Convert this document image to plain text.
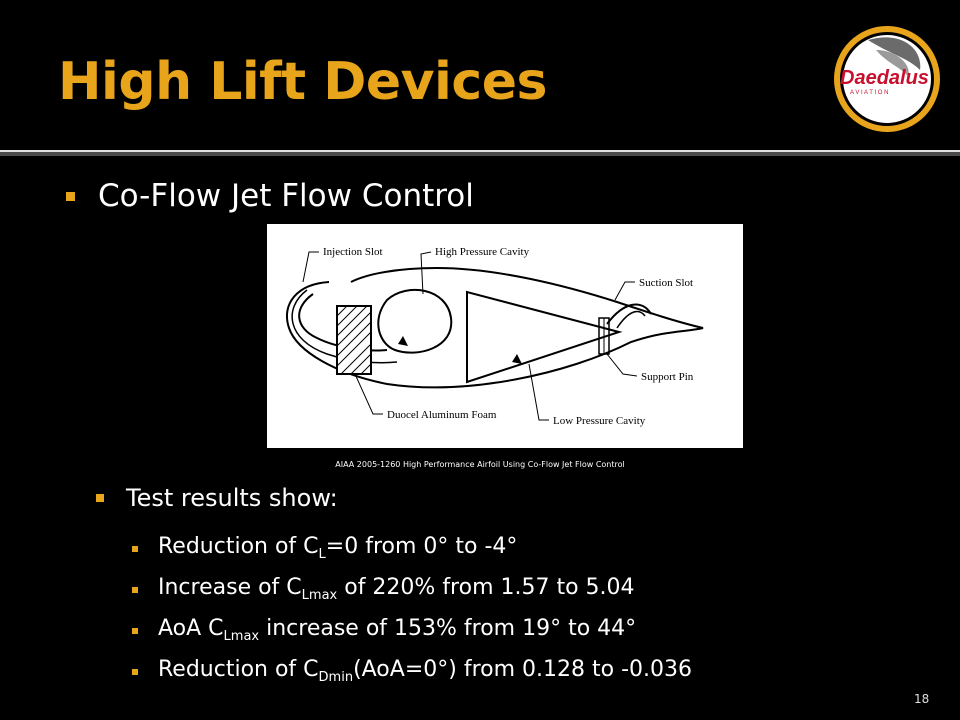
High Lift Devices	Daedalus
A V I A T I O N
Co-Flow Jet Flow Control
Injection Slot	High Pressure Cavity
Suction Slot
Support Pin
Duocel Aluminum Foam	Low Pressure Cavity
AIAA 2005-1260 High Performance Airfoil Using Co-Flow Jet Flow Control
Test results show:
Reduction of $C_L=0$ from 0° to -4°
Increase of $C_{Lmax}$ of 220% from 1.57 to 5.04
AoA $C_{Lmax}$ increase of 153% from 19° to 44°
Reduction of $C_{Dmin}(AoA=0^\circ)$ from 0.128 to -0.036
18
